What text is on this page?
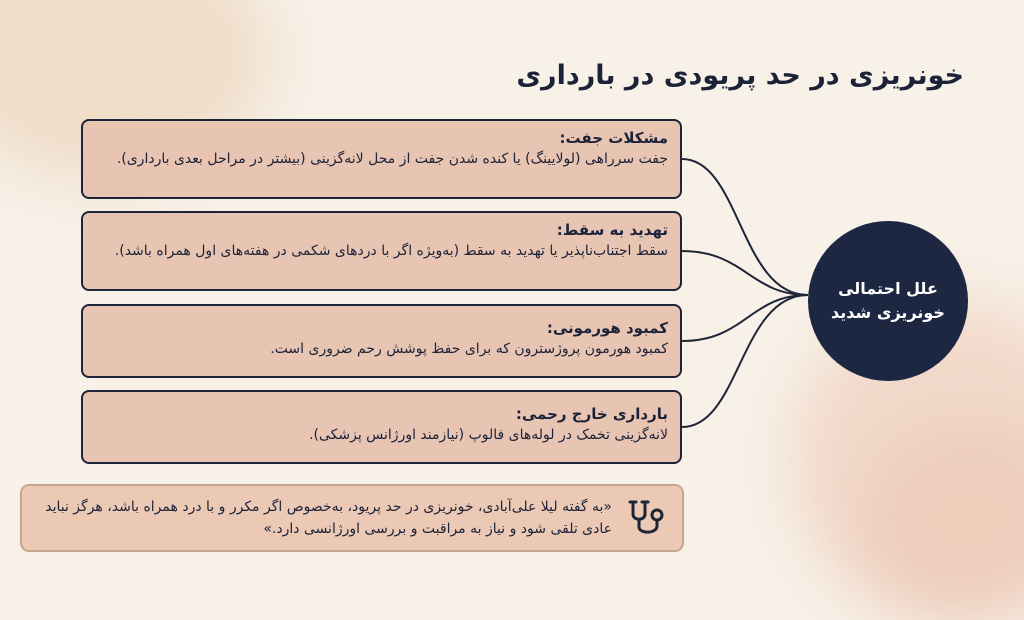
خونریزی در حد پریودی در بارداری
مشکلات جفت:
جفت سرراهی (لولایینگ) یا کنده شدن جفت از محل لانه‌گزینی (بیشتر در مراحل بعدی بارداری).
تهدید به سقط:
سقط اجتناب‌ناپذیر یا تهدید به سقط (به‌ویژه اگر با دردهای شکمی در هفته‌های اول همراه باشد).
کمبود هورمونی:
کمبود هورمون پروژسترون که برای حفظ پوشش رحم ضروری است.
بارداری خارج رحمی:
لانه‌گزینی تخمک در لوله‌های فالوپ (نیازمند اورژانس پزشکی).
علل احتمالی خونریزی شدید
«به گفته لیلا علی‌آبادی، خونریزی در حد پریود، به‌خصوص اگر مکرر و با درد همراه باشد، هرگز نباید عادی تلقی شود و نیاز به مراقبت و بررسی اورژانسی دارد.»
